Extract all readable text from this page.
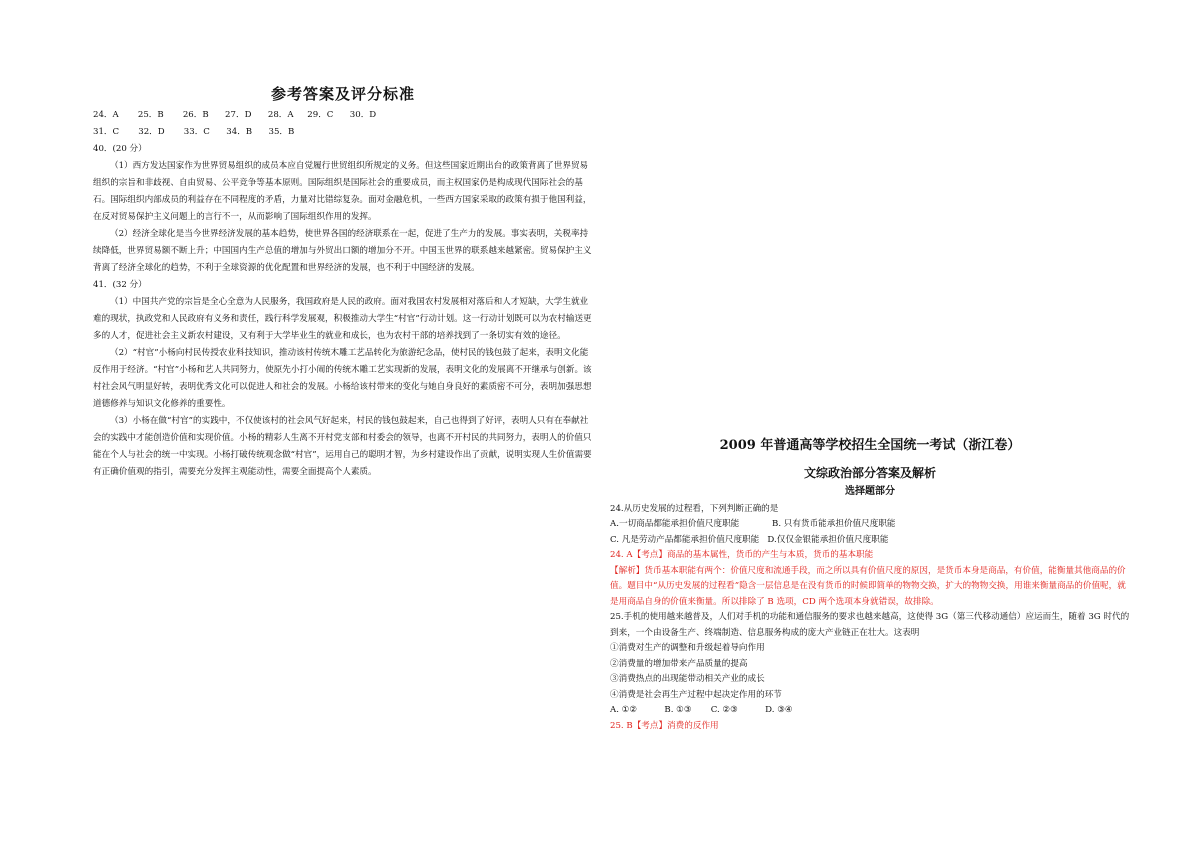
参考答案及评分标准
24．A       25．B       26．B      27．D      28．A     29．C      30．D
31．C       32．D       33．C      34．B      35．B

40．(20 分）

（1）西方发达国家作为世界贸易组织的成员本应自觉履行世贸组织所规定的义务。但这些国家近期出台的政策背离了世界贸易组织的宗旨和非歧视、自由贸易、公平竞争等基本原则。国际组织是国际社会的重要成员，而主权国家仍是构成现代国际社会的基石。国际组织内部成员的利益存在不同程度的矛盾，力量对比错综复杂。面对金融危机，一些西方国家采取的政策有损于他国利益，在反对贸易保护主义问题上的言行不一，从而影响了国际组织作用的发挥。

（2）经济全球化是当今世界经济发展的基本趋势，使世界各国的经济联系在一起，促进了生产力的发展。事实表明，关税率持续降低，世界贸易额不断上升；中国国内生产总值的增加与外贸出口额的增加分不开。中国玉世界的联系越来越紧密。贸易保护主义背离了经济全球化的趋势，不利于全球资源的优化配置和世界经济的发展，也不利于中国经济的发展。

41．(32 分）

（1）中国共产党的宗旨是全心全意为人民服务，我国政府是人民的政府。面对我国农村发展相对落后和人才短缺，大学生就业难的现状，执政党和人民政府有义务和责任，践行科学发展观，积极推动大学生“村官”行动计划。这一行动计划既可以为农村输送更多的人才，促进社会主义新农村建设，又有利于大学毕业生的就业和成长，也为农村干部的培养找到了一条切实有效的途径。

（2）“村官”小杨向村民传授农业科技知识，推动该村传统木雕工艺品转化为旅游纪念品，使村民的钱包鼓了起来，表明文化能反作用于经济。“村官”小杨和艺人共同努力，使原先小打小闹的传统木雕工艺实现新的发展，表明文化的发展离不开继承与创新。该村社会风气明显好转，表明优秀文化可以促进人和社会的发展。小杨给该村带来的变化与她自身良好的素质密不可分，表明加强思想道德修养与知识文化修养的重要性。

（3）小杨在做“村官”的实践中，不仅使该村的社会风气好起来，村民的钱包鼓起来，自己也得到了好评，表明人只有在奉献社会的实践中才能创造价值和实现价值。小杨的精彩人生离不开村党支部和村委会的领导，也离不开村民的共同努力，表明人的价值只能在个人与社会的统一中实现。小杨打破传统观念做“村官”，运用自己的聪明才智，为乡村建设作出了贡献，说明实现人生价值需要有正确价值观的指引，需要充分发挥主观能动性，需要全面提高个人素质。

2009 年普通高等学校招生全国统一考试（浙江卷）
文综政治部分答案及解析
选择题部分

24.从历史发展的过程看，下列判断正确的是

A.一切商品都能承担价值尺度职能            B. 只有货币能承担价值尺度职能

C. 凡是劳动产品都能承担价值尺度职能   D.仅仅金银能承担价值尺度职能

24. A【考点】商品的基本属性，货币的产生与本质，货币的基本职能

【解析】货币基本职能有两个：价值尺度和流通手段，而之所以具有价值尺度的原因，是货币本身是商品，有价值，能衡量其他商品的价值。题目中“从历史发展的过程看”隐含一层信息是在没有货币的时候即简单的物物交换，扩大的物物交换，用谁来衡量商品的价值呢，就是用商品自身的价值来衡量。所以排除了 B 选项，CD 两个选项本身就错误，故排除。

25.手机的使用越来越普及，人们对手机的功能和通信服务的要求也越来越高，这使得 3G（第三代移动通信）应运而生，随着 3G 时代的到来，一个由设备生产、终端制造、信息服务构成的庞大产业链正在壮大。这表明

①消费对生产的调整和升级起着导向作用

②消费量的增加带来产品质量的提高

③消费热点的出现能带动相关产业的成长

④消费是社会再生产过程中起决定作用的环节

A. ①②          B. ①③       C. ②③          D. ③④

25. B【考点】消费的反作用
